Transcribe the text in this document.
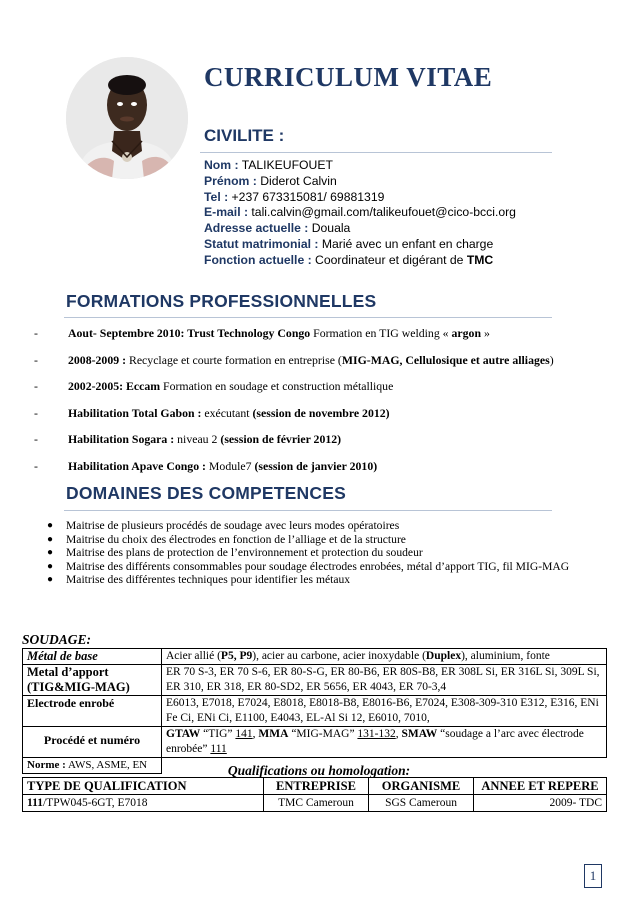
CURRICULUM VITAE
CIVILITE :
Nom : TALIKEUFOUET
Prénom : Diderot Calvin
Tel : +237 673315081/ 69881319
E-mail : tali.calvin@gmail.com/talikeufouet@cico-bcci.org
Adresse actuelle : Douala
Statut matrimonial : Marié avec un enfant en charge
Fonction actuelle : Coordinateur et digérant de TMC
FORMATIONS PROFESSIONNELLES
-	Aout- Septembre 2010: Trust Technology Congo Formation en TIG welding « argon »
-	2008-2009 : Recyclage et courte formation en entreprise (MIG-MAG, Cellulosique et autre alliages)
-	2002-2005: Eccam Formation en soudage et construction métallique
-	Habilitation Total Gabon : exécutant (session de novembre 2012)
-	Habilitation Sogara : niveau 2 (session de février 2012)
-	Habilitation Apave Congo : Module7 (session de janvier 2010)
DOMAINES DES COMPETENCES
● Maitrise de plusieurs procédés de soudage avec leurs modes opératoires
● Maitrise du choix des électrodes en fonction de l’alliage et de la structure
● Maitrise des plans de protection de l’environnement et protection du soudeur
● Maitrise des différents consommables pour soudage électrodes enrobées, métal d’apport TIG, fil MIG-MAG
● Maitrise des différentes techniques pour identifier les métaux
SOUDAGE:
Métal de base	Acier allié (P5, P9), acier au carbone, acier inoxydable (Duplex), aluminium, fonte

Metal d’apport
(TIG&MIG-MAG)	ER 70 S-3, ER 70 S-6, ER 80-S-G, ER 80-B6, ER 80S-B8, ER 308L Si, ER 316L Si, 309L Si, ER 310, ER 318, ER 80-SD2, ER 5656, ER 4043, ER 70-3,4
Electrode enrobé	E6013, E7018, E7024, E8018, E8018-B8, E8016-B6, E7024, E308-309-310 E312, E316, ENi Fe Ci, ENi Ci, E1100, E4043, EL-Al Si 12, E6010, 7010,
Procédé et numéro	GTAW “TIG” 141, MMA “MIG-MAG” 131-132, SMAW “soudage a l’arc avec électrode enrobée” 111
Norme : AWS, ASME, EN		Qualifications ou homologation:
TYPE DE QUALIFICATION	ENTREPRISE	ORGANISME	ANNEE ET REPERE
111/TPW045-6GT, E7018	TMC Cameroun	SGS Cameroun	2009- TDC
1
